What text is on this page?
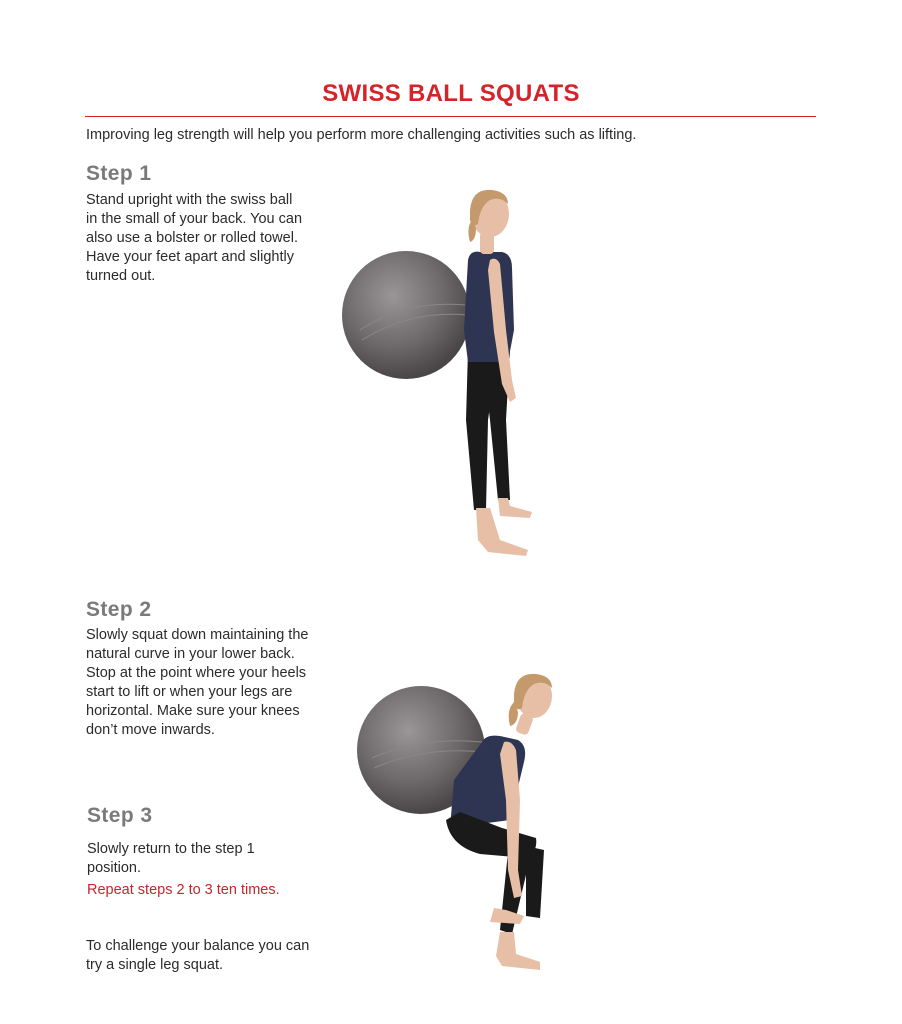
SWISS BALL SQUATS
Improving leg strength will help you perform more challenging activities such as lifting.
Step 1
Stand upright with the swiss ball
in the small of your back. You can
also use a bolster or rolled towel.
Have your feet apart and slightly
turned out.
Step 2
Slowly squat down maintaining the
natural curve in your lower back.
Stop at the point where your heels
start to lift or when your legs are
horizontal. Make sure your knees
don’t move inwards.
Step 3
Slowly return to the step 1
position.
Repeat steps 2 to 3 ten times.
To challenge your balance you can
try a single leg squat.
